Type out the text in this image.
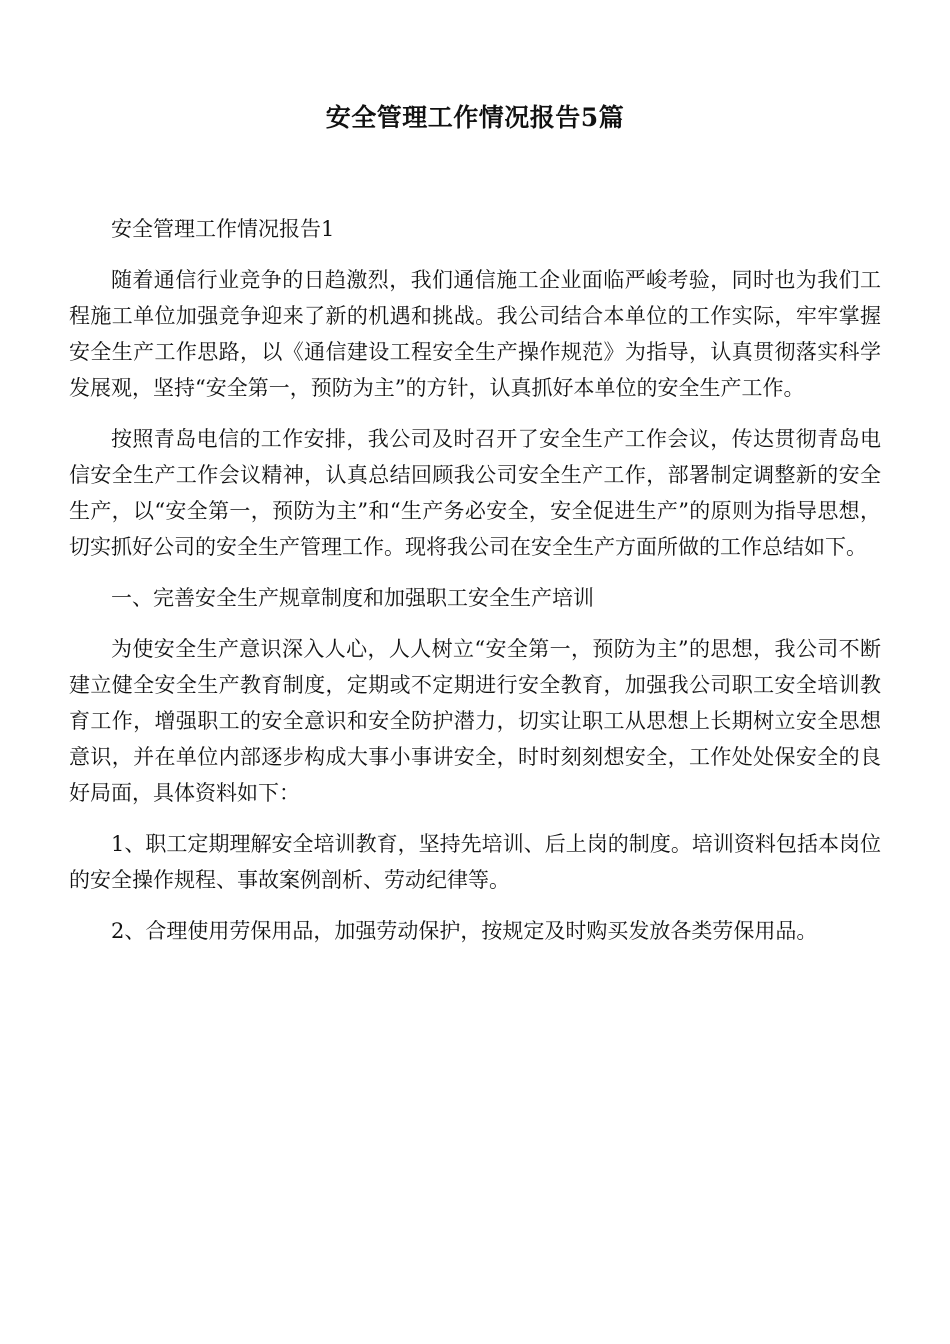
安全管理工作情况报告5篇

安全管理工作情况报告1

随着通信行业竞争的日趋激烈，我们通信施工企业面临严峻考验，同时也为我们工程施工单位加强竞争迎来了新的机遇和挑战。我公司结合本单位的工作实际，牢牢掌握安全生产工作思路，以《通信建设工程安全生产操作规范》为指导，认真贯彻落实科学发展观，坚持“安全第一，预防为主”的方针，认真抓好本单位的安全生产工作。

按照青岛电信的工作安排，我公司及时召开了安全生产工作会议，传达贯彻青岛电信安全生产工作会议精神，认真总结回顾我公司安全生产工作，部署制定调整新的安全生产，以“安全第一，预防为主”和“生产务必安全，安全促进生产”的原则为指导思想，切实抓好公司的安全生产管理工作。现将我公司在安全生产方面所做的工作总结如下。

一、完善安全生产规章制度和加强职工安全生产培训

为使安全生产意识深入人心，人人树立“安全第一，预防为主”的思想，我公司不断建立健全安全生产教育制度，定期或不定期进行安全教育，加强我公司职工安全培训教育工作，增强职工的安全意识和安全防护潜力，切实让职工从思想上长期树立安全思想意识，并在单位内部逐步构成大事小事讲安全，时时刻刻想安全，工作处处保安全的良好局面，具体资料如下：

1、职工定期理解安全培训教育，坚持先培训、后上岗的制度。培训资料包括本岗位的安全操作规程、事故案例剖析、劳动纪律等。

2、合理使用劳保用品，加强劳动保护，按规定及时购买发放各类劳保用品。
